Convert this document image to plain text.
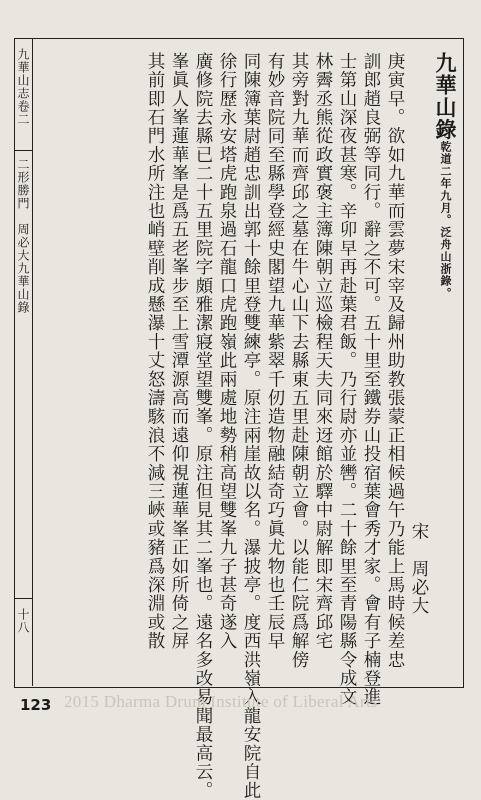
九華山志卷二
二形勝門　周必大九華山錄
十八
九華山錄乾道二年九月。泛舟山浙錄。
宋　周必大
庚寅早。欲如九華而雲夢宋宰及歸州助教張蒙正相候過午乃能上馬時候差忠
訓郎趙良弼等同行。辭之不可。五十里至鐵券山投宿葉會秀才家。會有子楠登進
士第山深夜甚寒。辛卯早再赴葉君飯。乃行尉亦並轡。二十餘里至青陽縣令成文
林霽丞熊從政實褒主簿陳朝立巡檢程天夫同來迓館於驛中尉解即宋齊邱宅
其旁對九華而齊邱之墓在牛心山下去縣東五里赴陳朝立會。以能仁院爲解傍
有妙音院同至縣學登經史閣望九華紫翠千仞造物融結奇巧眞尤物也壬辰早
同陳簿葉尉趙忠訓出郭十餘里登雙練亭。原注兩崖故以名。瀑披亭。度西洪嶺入龍安院自此
徐行歷永安塔虎跑泉過石龍口虎跑嶺此兩處地勢稍高望雙峯九子甚奇遂入
廣修院去縣已二十五里院字頗雅潔寢堂望雙峯。原注但見其二峯也。遠名多改易聞最高云。
峯眞人峯蓮華峯是爲五老峯步至上雪潭源高而遠仰視蓮華峯正如所倚之屏
其前即石門水所注也峭壁削成懸瀑十丈怒濤駭浪不減三峽或豬爲深淵或散
123 2015 Dharma Drum Institute of Liberal Arts
